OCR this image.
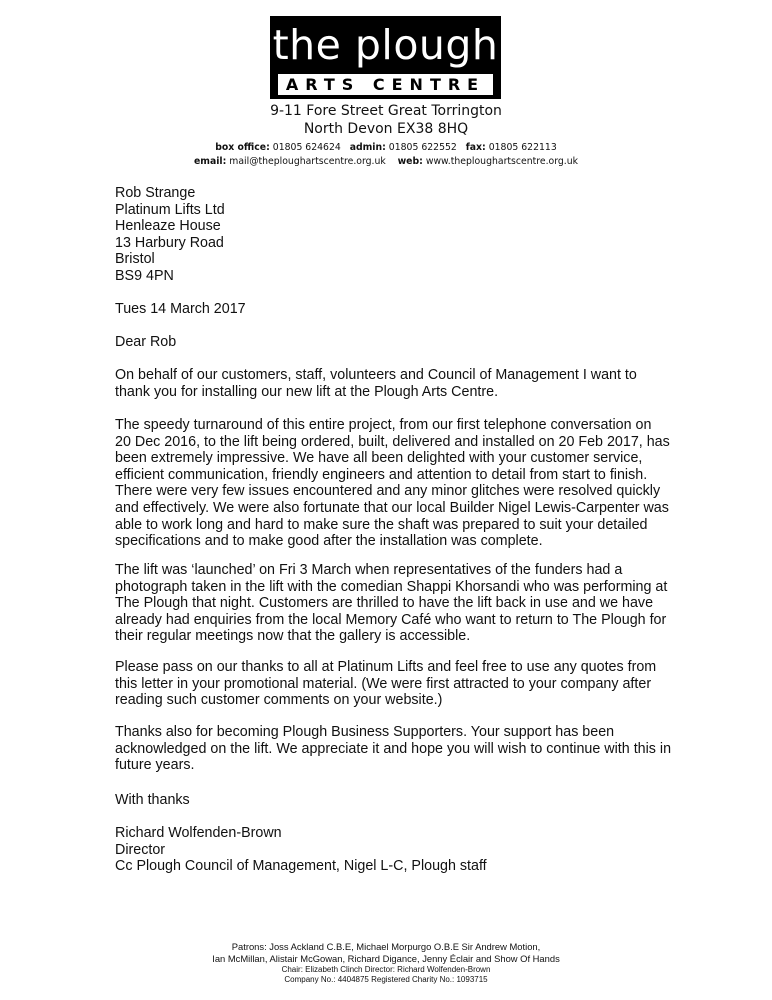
the plough
ARTS CENTRE

9-11 Fore Street Great Torrington

North Devon EX38 8HQ

box office: 01805 624624 admin: 01805 622552 fax: 01805 622113

email: mail@theploughartscentre.org.uk web: www.theploughartscentre.org.uk

Rob Strange

Platinum Lifts Ltd

Henleaze House

13 Harbury Road

Bristol

BS9 4PN

Tues 14 March 2017
Dear Rob

On behalf of our customers, staff, volunteers and Council of Management I want to

thank you for installing our new lift at the Plough Arts Centre.

The speedy turnaround of this entire project, from our first telephone conversation on

20 Dec 2016, to the lift being ordered, built, delivered and installed on 20 Feb 2017, has

been extremely impressive. We have all been delighted with your customer service,

efficient communication, friendly engineers and attention to detail from start to finish.

There were very few issues encountered and any minor glitches were resolved quickly

and effectively. We were also fortunate that our local Builder Nigel Lewis-Carpenter was

able to work long and hard to make sure the shaft was prepared to suit your detailed

specifications and to make good after the installation was complete.

The lift was ‘launched’ on Fri 3 March when representatives of the funders had a

photograph taken in the lift with the comedian Shappi Khorsandi who was performing at

The Plough that night. Customers are thrilled to have the lift back in use and we have

already had enquiries from the local Memory Café who want to return to The Plough for

their regular meetings now that the gallery is accessible.

Please pass on our thanks to all at Platinum Lifts and feel free to use any quotes from

this letter in your promotional material. (We were first attracted to your company after

reading such customer comments on your website.)

Thanks also for becoming Plough Business Supporters. Your support has been

acknowledged on the lift. We appreciate it and hope you will wish to continue with this in

future years.

With thanks

Richard Wolfenden-Brown

Director

Cc Plough Council of Management, Nigel L-C, Plough staff

Patrons: Joss Ackland C.B.E, Michael Morpurgo O.B.E Sir Andrew Motion,

Ian McMillan, Alistair McGowan, Richard Digance, Jenny Éclair and Show Of Hands

Chair: Elizabeth Clinch Director: Richard Wolfenden-Brown

Company No.: 4404875 Registered Charity No.: 1093715
